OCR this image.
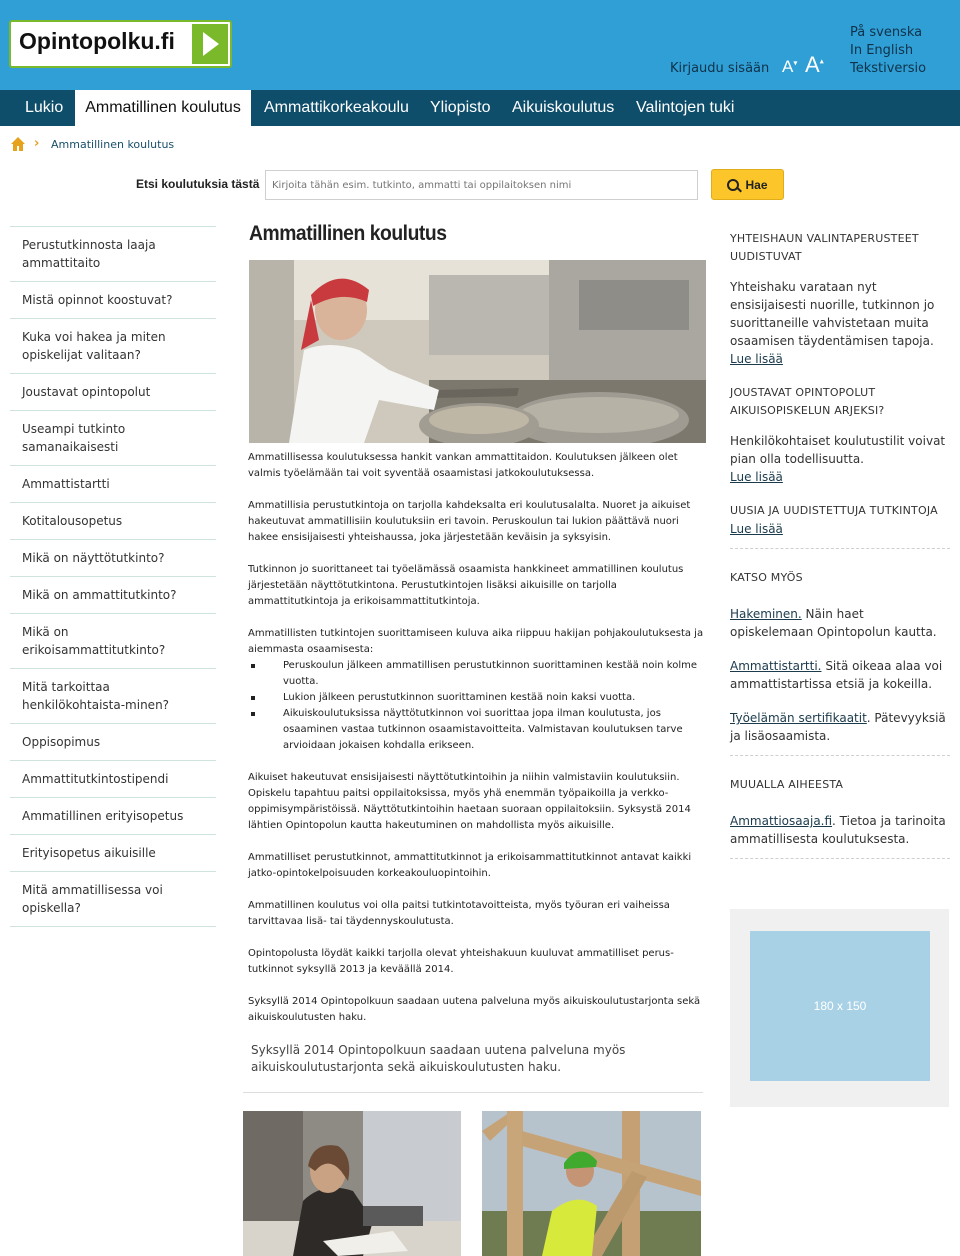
Opintopolku.fi
Kirjaudu sisään A▾ A▴
På svenska
In English
Tekstiversio
Lukio	Ammatillinen koulutus	Ammattikorkeakoulu	Yliopisto	Aikuiskoulutus	Valintojen tuki
› Ammatillinen koulutus
Etsi koulutuksia tästä
Kirjoita tähän esim. tutkinto, ammatti tai oppilaitoksen nimi	Hae
Perustutkinnosta laaja ammattitaito
Mistä opinnot koostuvat?
Kuka voi hakea ja miten opiskelijat valitaan?
Joustavat opintopolut
Useampi tutkinto samanaikaisesti
Ammattistartti
Kotitalousopetus
Mikä on näyttötutkinto?
Mikä on ammattitutkinto?
Mikä on erikoisammattitutkinto?
Mitä tarkoittaa henkilökohtaista-minen?
Oppisopimus
Ammattitutkintostipendi
Ammatillinen erityisopetus
Erityisopetus aikuisille
Mitä ammatillisessa voi opiskella?
Ammatillinen koulutus

Ammatillisessa koulutuksessa hankit vankan ammattitaidon. Koulutuksen jälkeen olet valmis työelämään tai voit syventää osaamistasi jatkokoulutuksessa.

Ammatillisia perustutkintoja on tarjolla kahdeksalta eri koulutusalalta. Nuoret ja aikuiset hakeutuvat ammatillisiin koulutuksiin eri tavoin. Peruskoulun tai lukion päättävä nuori hakee ensisijaisesti yhteishaussa, joka järjestetään keväisin ja syksyisin.

Tutkinnon jo suorittaneet tai työelämässä osaamista hankkineet ammatillinen koulutus järjestetään näyttötutkintona. Perustutkintojen lisäksi aikuisille on tarjolla ammattitutkintoja ja erikoisammattitutkintoja.

Ammatillisten tutkintojen suorittamiseen kuluva aika riippuu hakijan pohjakoulutuksesta ja aiemmasta osaamisesta:

Peruskoulun jälkeen ammatillisen perustutkinnon suorittaminen kestää noin kolme vuotta.
Lukion jälkeen perustutkinnon suorittaminen kestää noin kaksi vuotta.
Aikuiskoulutuksissa näyttötutkinnon voi suorittaa jopa ilman koulutusta, jos osaaminen vastaa tutkinnon osaamistavoitteita. Valmistavan koulutuksen tarve arvioidaan jokaisen kohdalla erikseen.

Aikuiset hakeutuvat ensisijaisesti näyttötutkintoihin ja niihin valmistaviin koulutuksiin. Opiskelu tapahtuu paitsi oppilaitoksissa, myös yhä enemmän työpaikoilla ja verkko-oppimisympäristöissä. Näyttötutkintoihin haetaan suoraan oppilaitoksiin. Syksystä 2014 lähtien Opintopolun kautta hakeutuminen on mahdollista myös aikuisille.

Ammatilliset perustutkinnot, ammattitutkinnot ja erikoisammattitutkinnot antavat kaikki jatko-opintokelpoisuuden korkeakouluopintoihin.

Ammatillinen koulutus voi olla paitsi tutkintotavoitteista, myös työuran eri vaiheissa tarvittavaa lisä- tai täydennyskoulutusta.

Opintopolusta löydät kaikki tarjolla olevat yhteishakuun kuuluvat ammatilliset perus-tutkinnot syksyllä 2013 ja keväällä 2014.

Syksyllä 2014 Opintopolkuun saadaan uutena palveluna myös aikuiskoulutustarjonta sekä aikuiskoulutusten haku.

Syksyllä 2014 Opintopolkuun saadaan uutena palveluna myös aikuiskoulutustarjonta sekä aikuiskoulutusten haku.
YHTEISHAUN VALINTAPERUSTEET UUDISTUVAT
Yhteishaku varataan nyt ensisijaisesti nuorille, tutkinnon jo suorittaneille vahvistetaan muita osaamisen täydentämisen tapoja.
Lue lisää
JOUSTAVAT OPINTOPOLUT AIKUISOPISKELUN ARJEKSI?
Henkilökohtaiset koulutustilit voivat pian olla todellisuutta.
Lue lisää
UUSIA JA UUDISTETTUJA TUTKINTOJA
Lue lisää
KATSO MYÖS
Hakeminen. Näin haet opiskelemaan Opintopolun kautta.
Ammattistartti. Sitä oikeaa alaa voi ammattistartissa etsiä ja kokeilla.
Työelämän sertifikaatit. Pätevyyksiä ja lisäosaamista.
MUUALLA AIHEESTA
Ammattiosaaja.fi. Tietoa ja tarinoita ammatillisesta koulutuksesta.
180 x 150
